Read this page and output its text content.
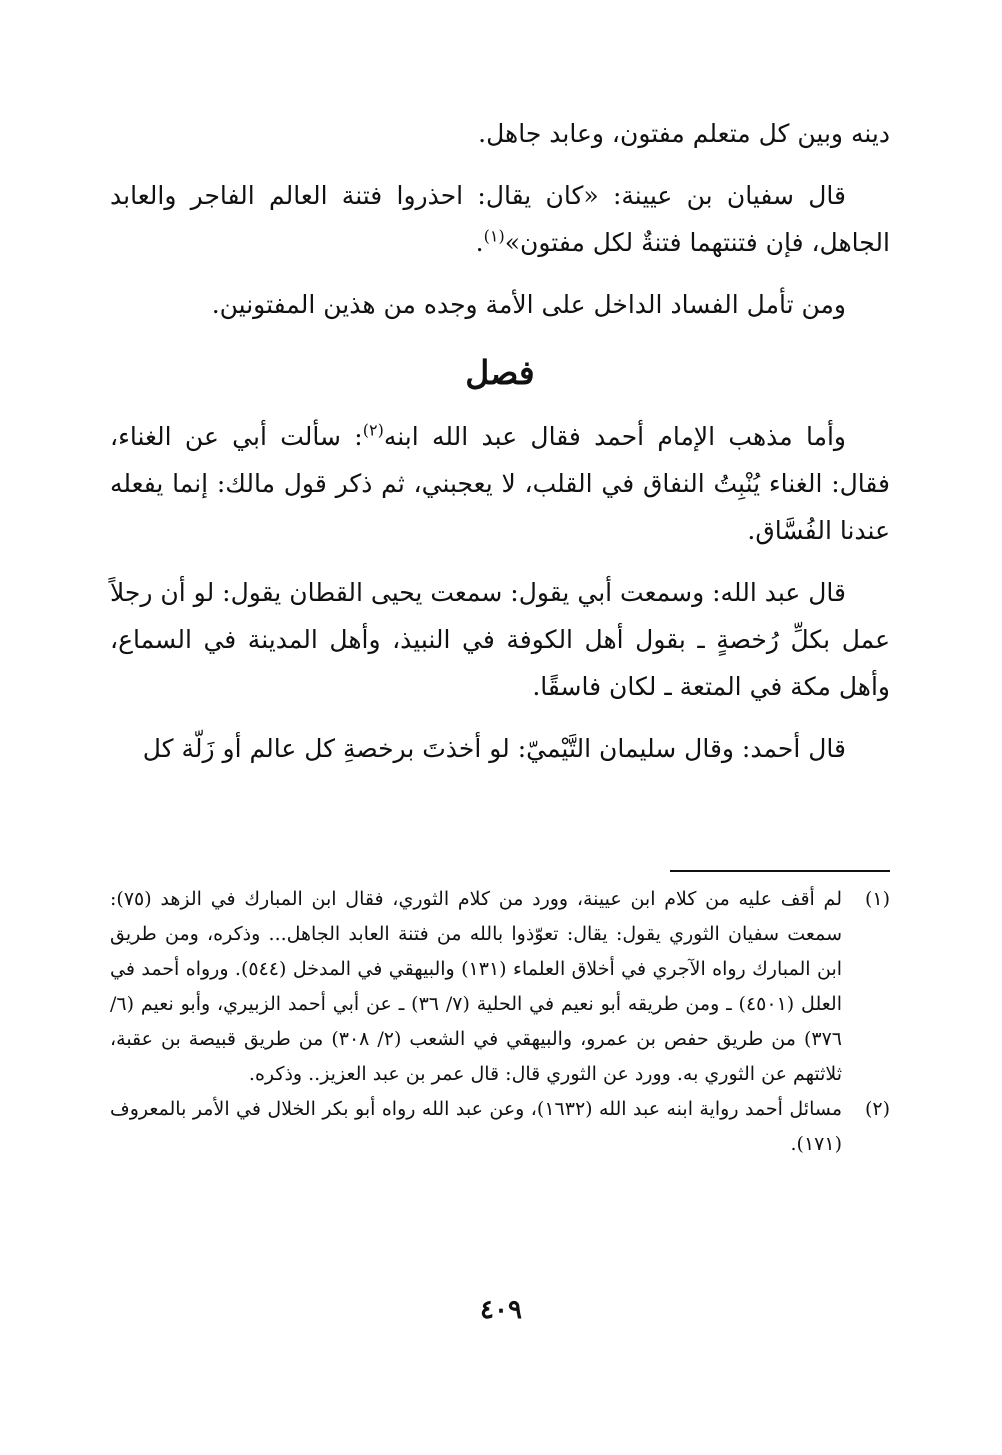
دينه وبين كل متعلم مفتون، وعابد جاهل.

قال سفيان بن عيينة: «كان يقال: احذروا فتنة العالم الفاجر والعابد الجاهل، فإن فتنتهما فتنةٌ لكل مفتون»$^{(١)}$.

ومن تأمل الفساد الداخل على الأمة وجده من هذين المفتونين.

فصل

وأما مذهب الإمام أحمد فقال عبد الله ابنه$^{(٢)}$: سألت أبي عن الغناء، فقال: الغناء يُنْبِتُ النفاق في القلب، لا يعجبني، ثم ذكر قول مالك: إنما يفعله عندنا الفُسَّاق.

قال عبد الله: وسمعت أبي يقول: سمعت يحيى القطان يقول: لو أن رجلاً عمل بكلِّ رُخصةٍ ـ بقول أهل الكوفة في النبيذ، وأهل المدينة في السماع، وأهل مكة في المتعة ـ لكان فاسقًا.

قال أحمد: وقال سليمان التَّيْميّ: لو أخذتَ برخصةِ كل عالم أو زَلّة كل

(١)
لم أقف عليه من كلام ابن عيينة، وورد من كلام الثوري، فقال ابن المبارك في الزهد (٧٥): سمعت سفيان الثوري يقول: يقال: تعوّذوا بالله من فتنة العابد الجاهل... وذكره، ومن طريق ابن المبارك رواه الآجري في أخلاق العلماء (١٣١) والبيهقي في المدخل (٥٤٤). ورواه أحمد في العلل (٤٥٠١) ـ ومن طريقه أبو نعيم في الحلية (٧/ ٣٦) ـ عن أبي أحمد الزبيري، وأبو نعيم (٦/ ٣٧٦) من طريق حفص بن عمرو، والبيهقي في الشعب (٢/ ٣٠٨) من طريق قبيصة بن عقبة، ثلاثتهم عن الثوري به. وورد عن الثوري قال: قال عمر بن عبد العزيز.. وذكره.
(٢)
مسائل أحمد رواية ابنه عبد الله (١٦٣٢)، وعن عبد الله رواه أبو بكر الخلال في الأمر بالمعروف (١٧١).
٤٠٩
